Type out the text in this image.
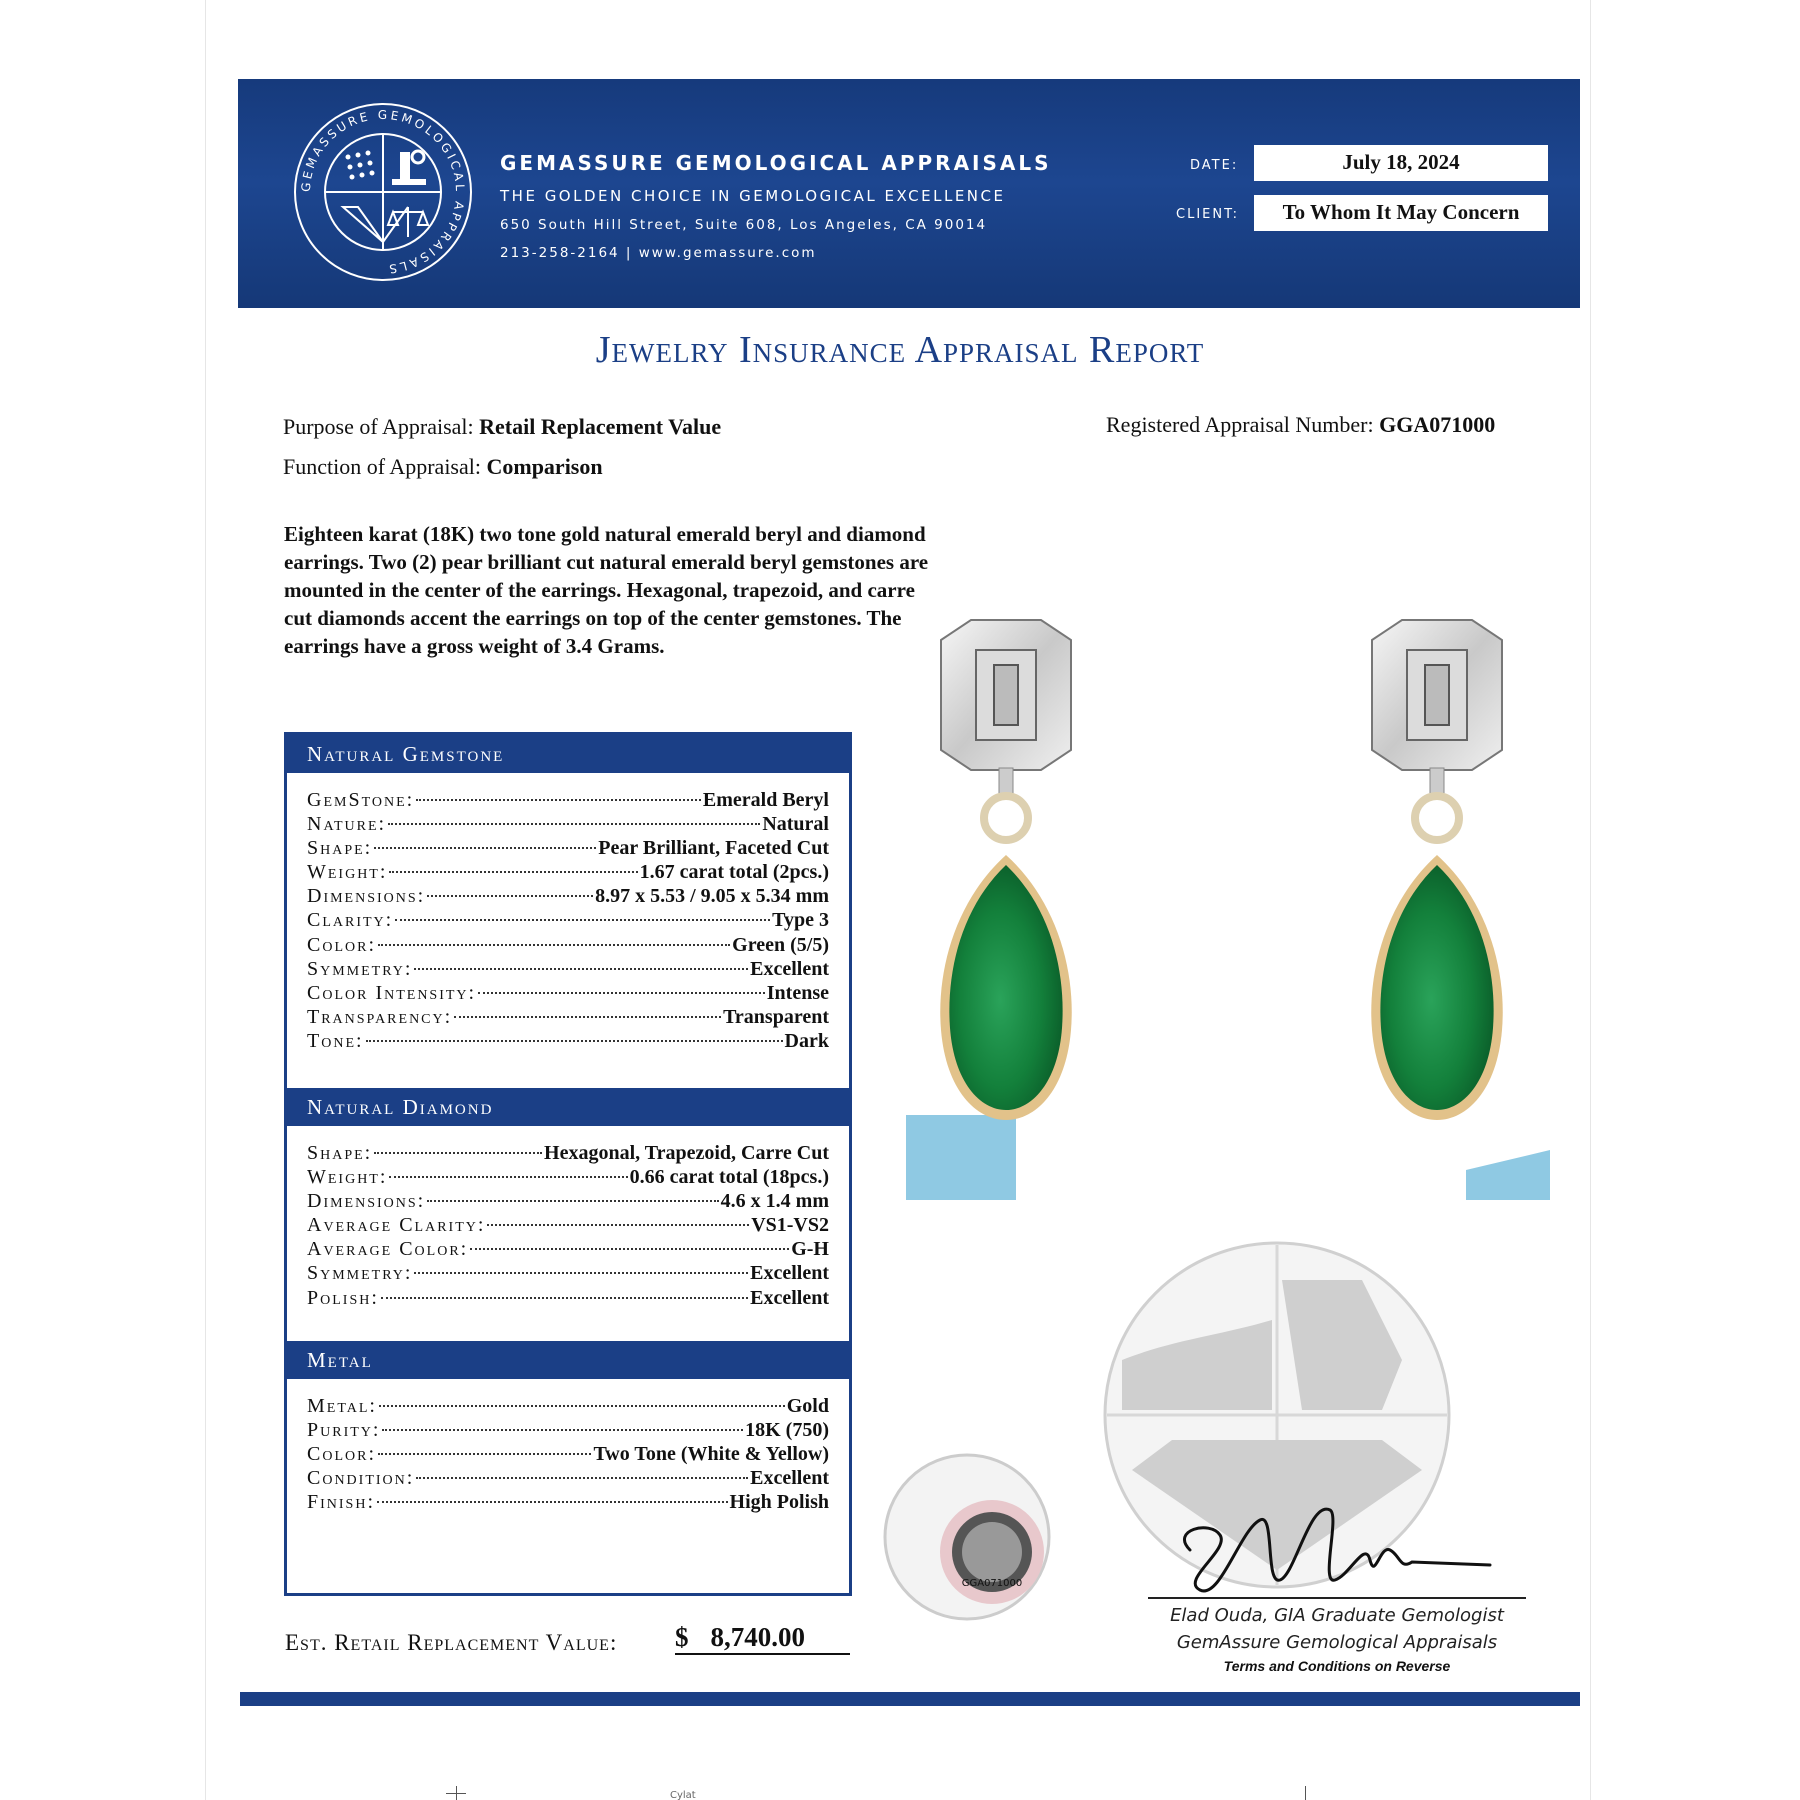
GEMASSURE GEMOLOGICAL APPRAISALS
GEMASSURE GEMOLOGICAL APPRAISALS
THE GOLDEN CHOICE IN GEMOLOGICAL EXCELLENCE
650 South Hill Street, Suite 608, Los Angeles, CA 90014
213-258-2164 | www.gemassure.com
DATE:	July 18, 2024
CLIENT:	To Whom It May Concern
Jewelry Insurance Appraisal Report
Purpose of Appraisal: Retail Replacement Value
Function of Appraisal: Comparison
Registered Appraisal Number: GGA071000
Eighteen karat (18K) two tone gold natural emerald beryl and diamond earrings. Two (2) pear brilliant cut natural emerald beryl gemstones are mounted in the center of the earrings. Hexagonal, trapezoid, and carre cut diamonds accent the earrings on top of the center gemstones. The earrings have a gross weight of 3.4 Grams.
Natural Gemstone
GemStone:	Emerald Beryl
Nature:	Natural
Shape:	Pear Brilliant, Faceted Cut
Weight:	1.67 carat total (2pcs.)
Dimensions:	8.97 x 5.53 / 9.05 x 5.34 mm
Clarity:	Type 3
Color:	Green (5/5)
Symmetry:	Excellent
Color Intensity:	Intense
Transparency:	Transparent
Tone:	Dark
Natural Diamond
Shape:	Hexagonal, Trapezoid, Carre Cut
Weight:	0.66 carat total (18pcs.)
Dimensions:	4.6 x 1.4 mm
Average Clarity:	VS1-VS2
Average Color:	G-H
Symmetry:	Excellent
Polish:	Excellent
Metal
Metal:	Gold
Purity:	18K (750)
Color:	Two Tone (White & Yellow)
Condition:	Excellent
Finish:	High Polish
Est. Retail Replacement Value: $ 8,740.00
GGA071000
Elad Ouda, GIA Graduate Gemologist
GemAssure Gemological Appraisals
Terms and Conditions on Reverse
Cylat
